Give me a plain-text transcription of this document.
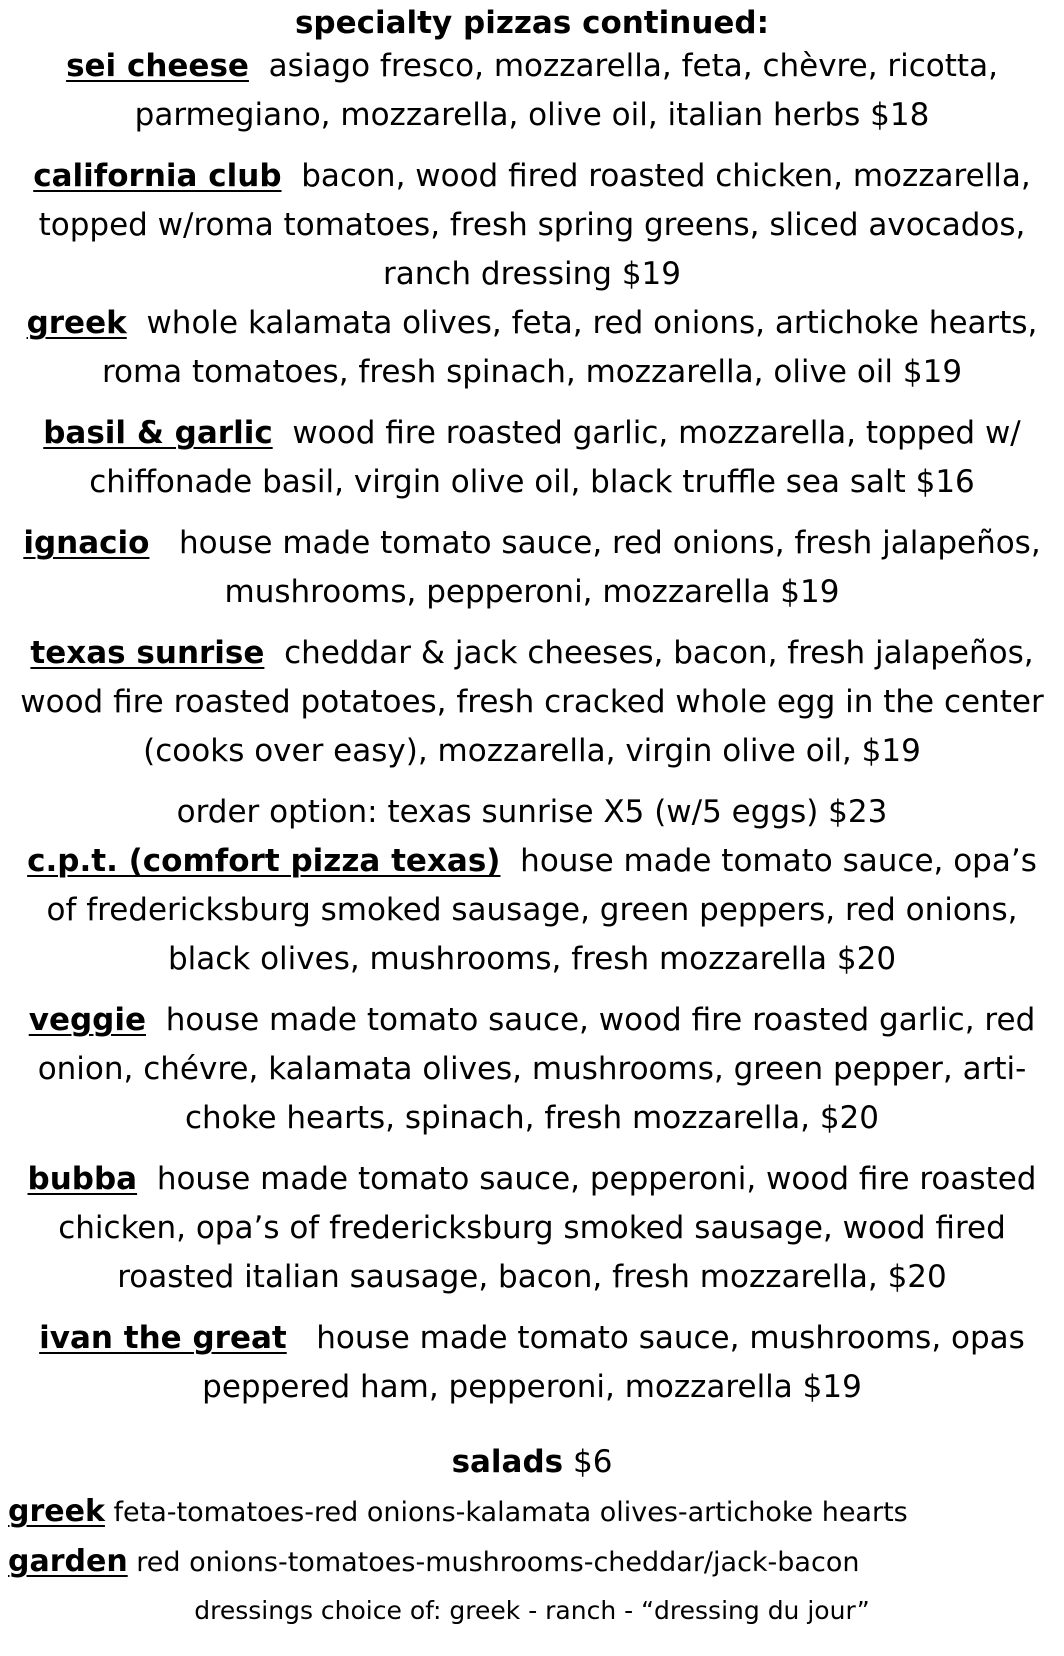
specialty pizzas continued:

sei cheese asiago fresco, mozzarella, feta, chèvre, ricotta, parmegiano, mozzarella, olive oil, italian herbs $18

california club bacon, wood fired roasted chicken, mozzarella, topped w/roma tomatoes, fresh spring greens, sliced avocados, ranch dressing $19

greek whole kalamata olives, feta, red onions, artichoke hearts, roma tomatoes, fresh spinach, mozzarella, olive oil $19

basil & garlic wood fire roasted garlic, mozzarella, topped w/ chiffonade basil, virgin olive oil, black truffle sea salt $16

ignacio house made tomato sauce, red onions, fresh jalapeños, mushrooms, pepperoni, mozzarella $19

texas sunrise cheddar & jack cheeses, bacon, fresh jalapeños, wood fire roasted potatoes, fresh cracked whole egg in the center (cooks over easy), mozzarella, virgin olive oil, $19

order option: texas sunrise X5 (w/5 eggs) $23

c.p.t. (comfort pizza texas) house made tomato sauce, opa’s of fredericksburg smoked sausage, green peppers, red onions, black olives, mushrooms, fresh mozzarella $20

veggie house made tomato sauce, wood fire roasted garlic, red onion, chévre, kalamata olives, mushrooms, green pepper, arti-choke hearts, spinach, fresh mozzarella, $20

bubba house made tomato sauce, pepperoni, wood fire roasted chicken, opa’s of fredericksburg smoked sausage, wood fired roasted italian sausage, bacon, fresh mozzarella, $20

ivan the great house made tomato sauce, mushrooms, opas peppered ham, pepperoni, mozzarella $19

salads $6

greek feta-tomatoes-red onions-kalamata olives-artichoke hearts

garden red onions-tomatoes-mushrooms-cheddar/jack-bacon

dressings choice of: greek - ranch - “dressing du jour”
